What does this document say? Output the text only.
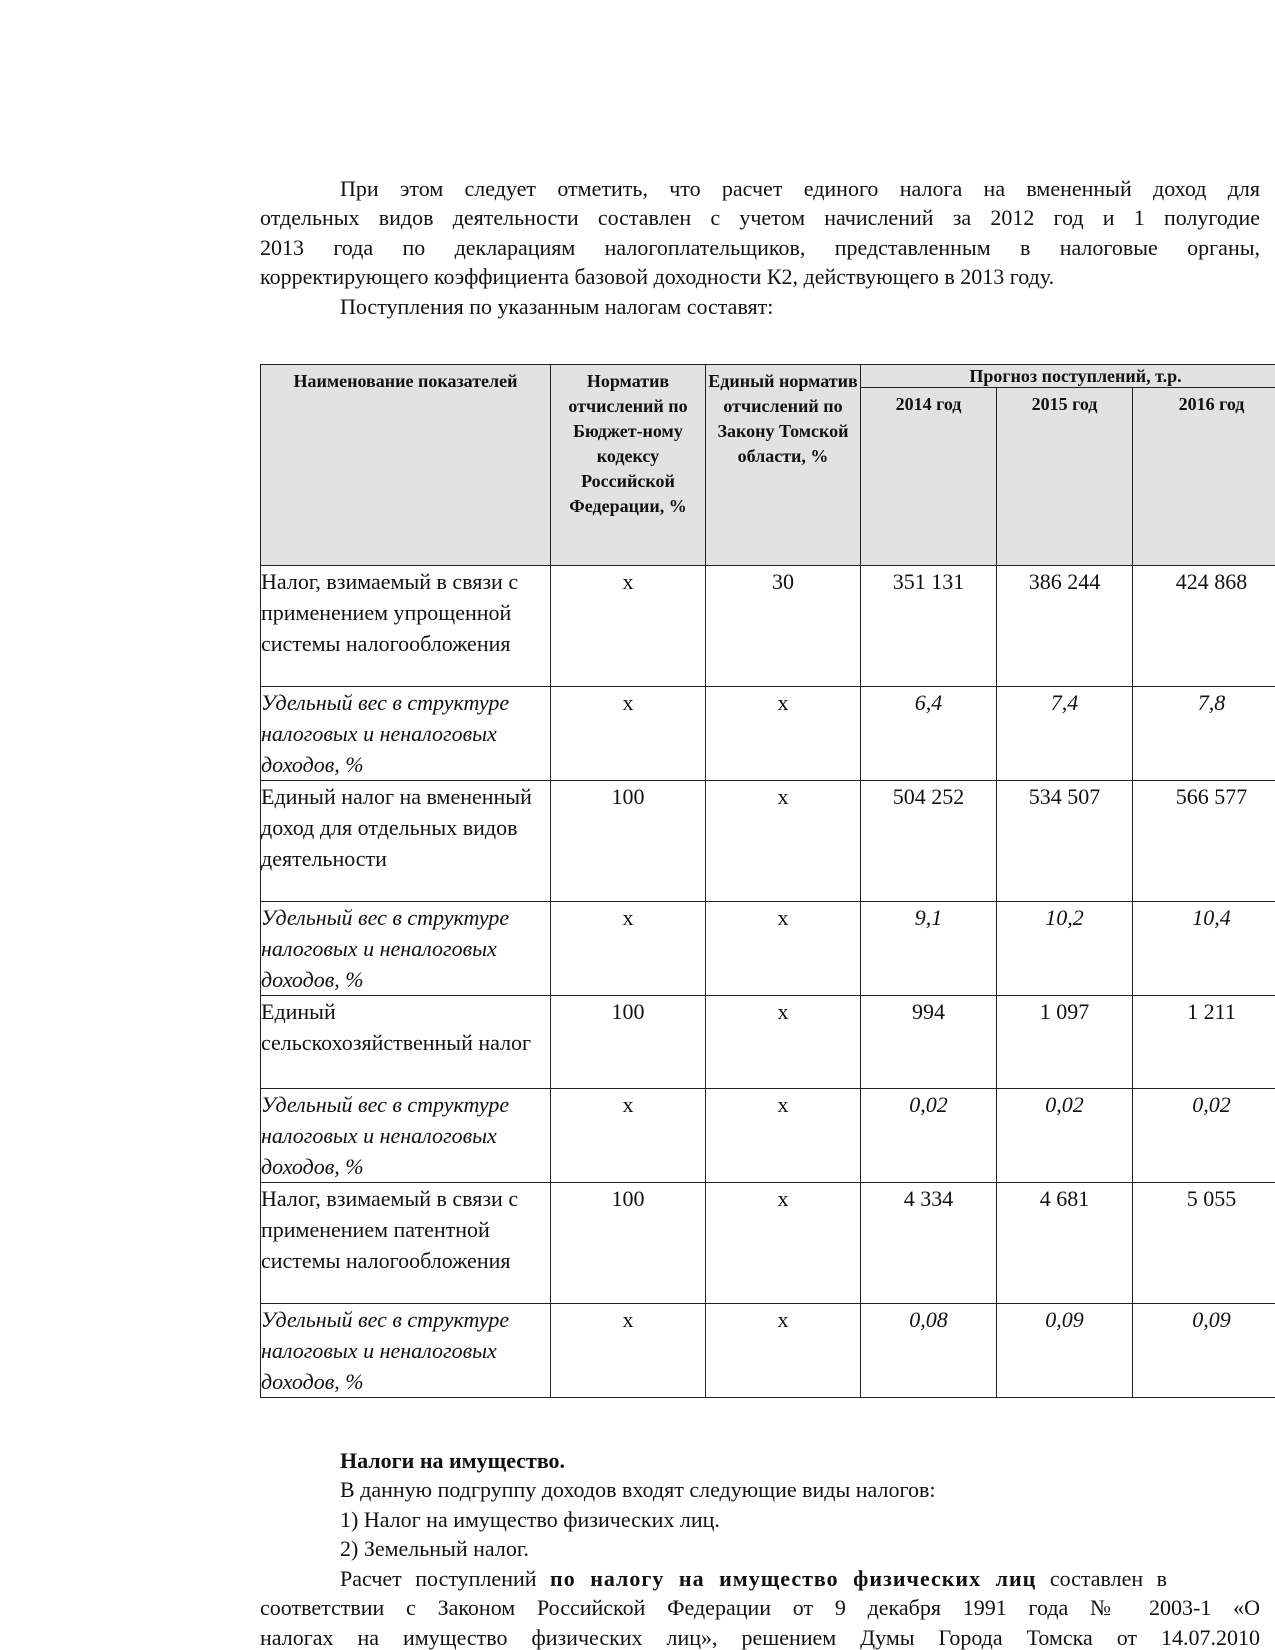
При этом следует отметить, что расчет единого налога на вмененный доход для
отдельных видов деятельности составлен с учетом начислений за 2012 год и 1 полугодие
2013 года по декларациям налогоплательщиков, представленным в налоговые органы,
корректирующего коэффициента базовой доходности К2, действующего в 2013 году.
Поступления по указанным налогам составят:
Наименование показателей	Норматив отчислений по Бюджет-ному кодексу Российской Федерации, %	Единый норматив отчислений по Закону Томской области, %	Прогноз поступлений, т.р.		
			2014 год	2015 год	2016 год
Налог, взимаемый в связи с применением упрощенной системы налогообложения	х	30	351 131	386 244	424 868
Удельный вес в структуре налоговых и неналоговых доходов, %	х	х	6,4	7,4	7,8
Единый налог на вмененный доход для отдельных видов деятельности	100	х	504 252	534 507	566 577
Удельный вес в структуре налоговых и неналоговых доходов, %	х	х	9,1	10,2	10,4
Единый сельскохозяйственный налог	100	х	994	1 097	1 211
Удельный вес в структуре налоговых и неналоговых доходов, %	х	х	0,02	0,02	0,02
Налог, взимаемый в связи с применением патентной системы налогообложения	100	х	4 334	4 681	5 055
Удельный вес в структуре налоговых и неналоговых доходов, %	х	х	0,08	0,09	0,09
Налоги на имущество.
В данную подгруппу доходов входят следующие виды налогов:
1) Налог на имущество физических лиц.
2) Земельный налог.
Расчет поступлений по налогу на имущество физических лиц составлен в
соответствии с Законом Российской Федерации от 9 декабря 1991 года № 2003-1 «О
налогах на имущество физических лиц», решением Думы Города Томска от 14.07.2010
